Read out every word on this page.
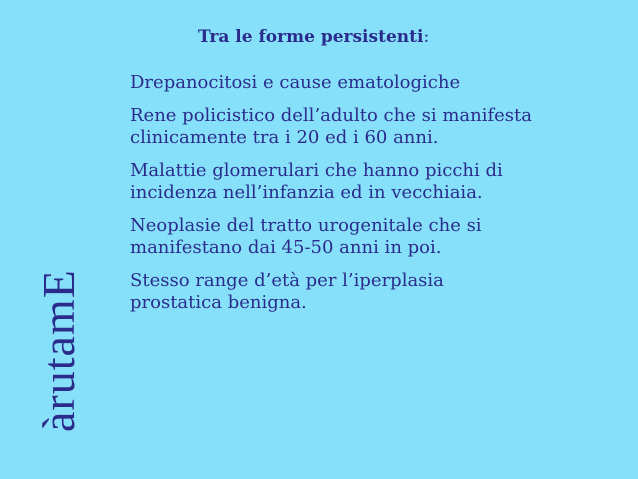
àrutamE
Tra le forme persistenti:
Drepanocitosi e cause ematologiche
Rene policistico dell’adulto che si manifesta clinicamente tra i 20 ed i 60 anni.
Malattie glomerulari che hanno picchi di incidenza nell’infanzia ed in vecchiaia.
Neoplasie del tratto urogenitale che si manifestano dai 45-50 anni in poi.
Stesso range d’età per l’iperplasia prostatica benigna.
